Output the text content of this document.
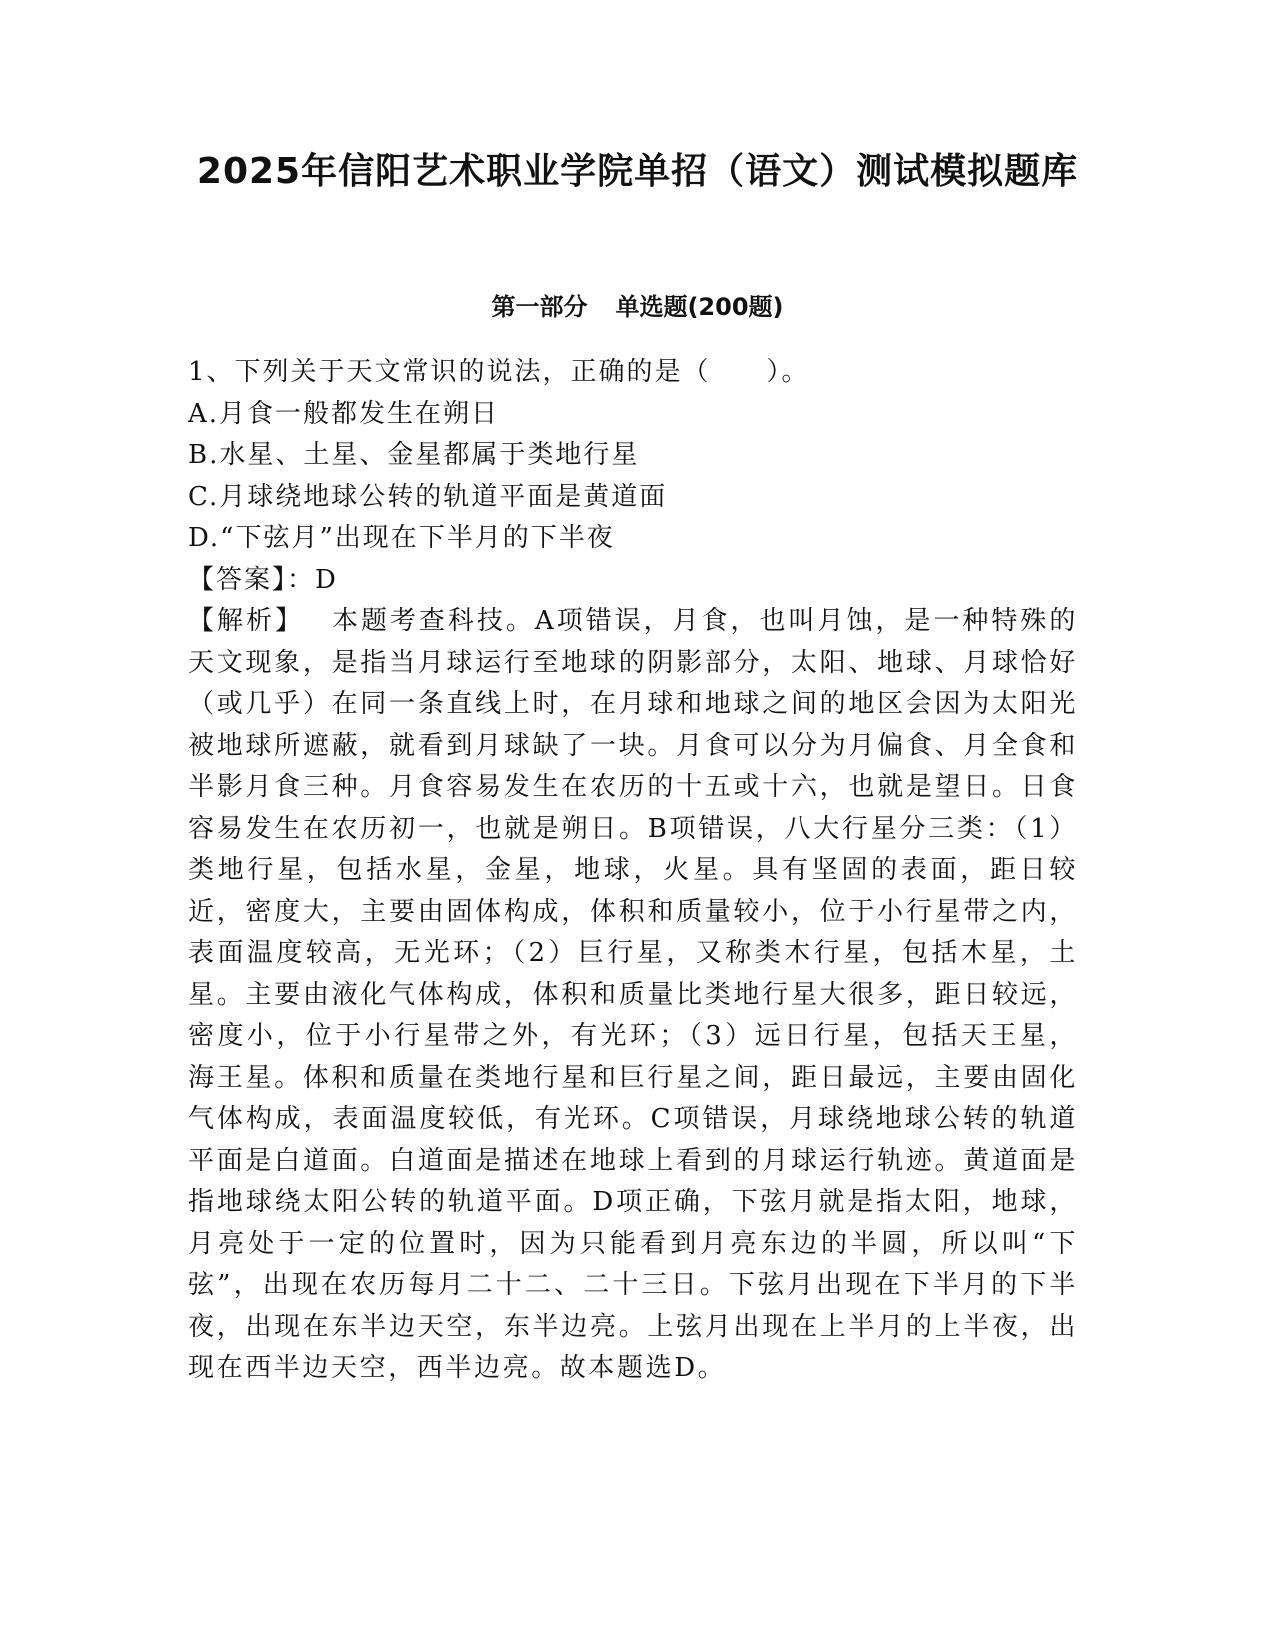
2025年信阳艺术职业学院单招（语文）测试模拟题库
第一部分 单选题(200题)

1、下列关于天文常识的说法，正确的是（　　）。

A.月食一般都发生在朔日

B.水星、土星、金星都属于类地行星

C.月球绕地球公转的轨道平面是黄道面

D.“下弦月”出现在下半月的下半夜

【答案】：D

【解析】 本题考查科技。A项错误，月食，也叫月蚀，是一种特殊的天文现象，是指当月球运行至地球的阴影部分，太阳、地球、月球恰好（或几乎）在同一条直线上时，在月球和地球之间的地区会因为太阳光被地球所遮蔽，就看到月球缺了一块。月食可以分为月偏食、月全食和半影月食三种。月食容易发生在农历的十五或十六，也就是望日。日食容易发生在农历初一，也就是朔日。B项错误，八大行星分三类：（1）类地行星，包括水星，金星，地球，火星。具有坚固的表面，距日较近，密度大，主要由固体构成，体积和质量较小，位于小行星带之内，表面温度较高，无光环；（2）巨行星，又称类木行星，包括木星，土星。主要由液化气体构成，体积和质量比类地行星大很多，距日较远，密度小，位于小行星带之外，有光环；（3）远日行星，包括天王星，海王星。体积和质量在类地行星和巨行星之间，距日最远，主要由固化气体构成，表面温度较低，有光环。C项错误，月球绕地球公转的轨道平面是白道面。白道面是描述在地球上看到的月球运行轨迹。黄道面是指地球绕太阳公转的轨道平面。D项正确，下弦月就是指太阳，地球，月亮处于一定的位置时，因为只能看到月亮东边的半圆，所以叫“下弦”，出现在农历每月二十二、二十三日。下弦月出现在下半月的下半夜，出现在东半边天空，东半边亮。上弦月出现在上半月的上半夜，出现在西半边天空，西半边亮。故本题选D。
